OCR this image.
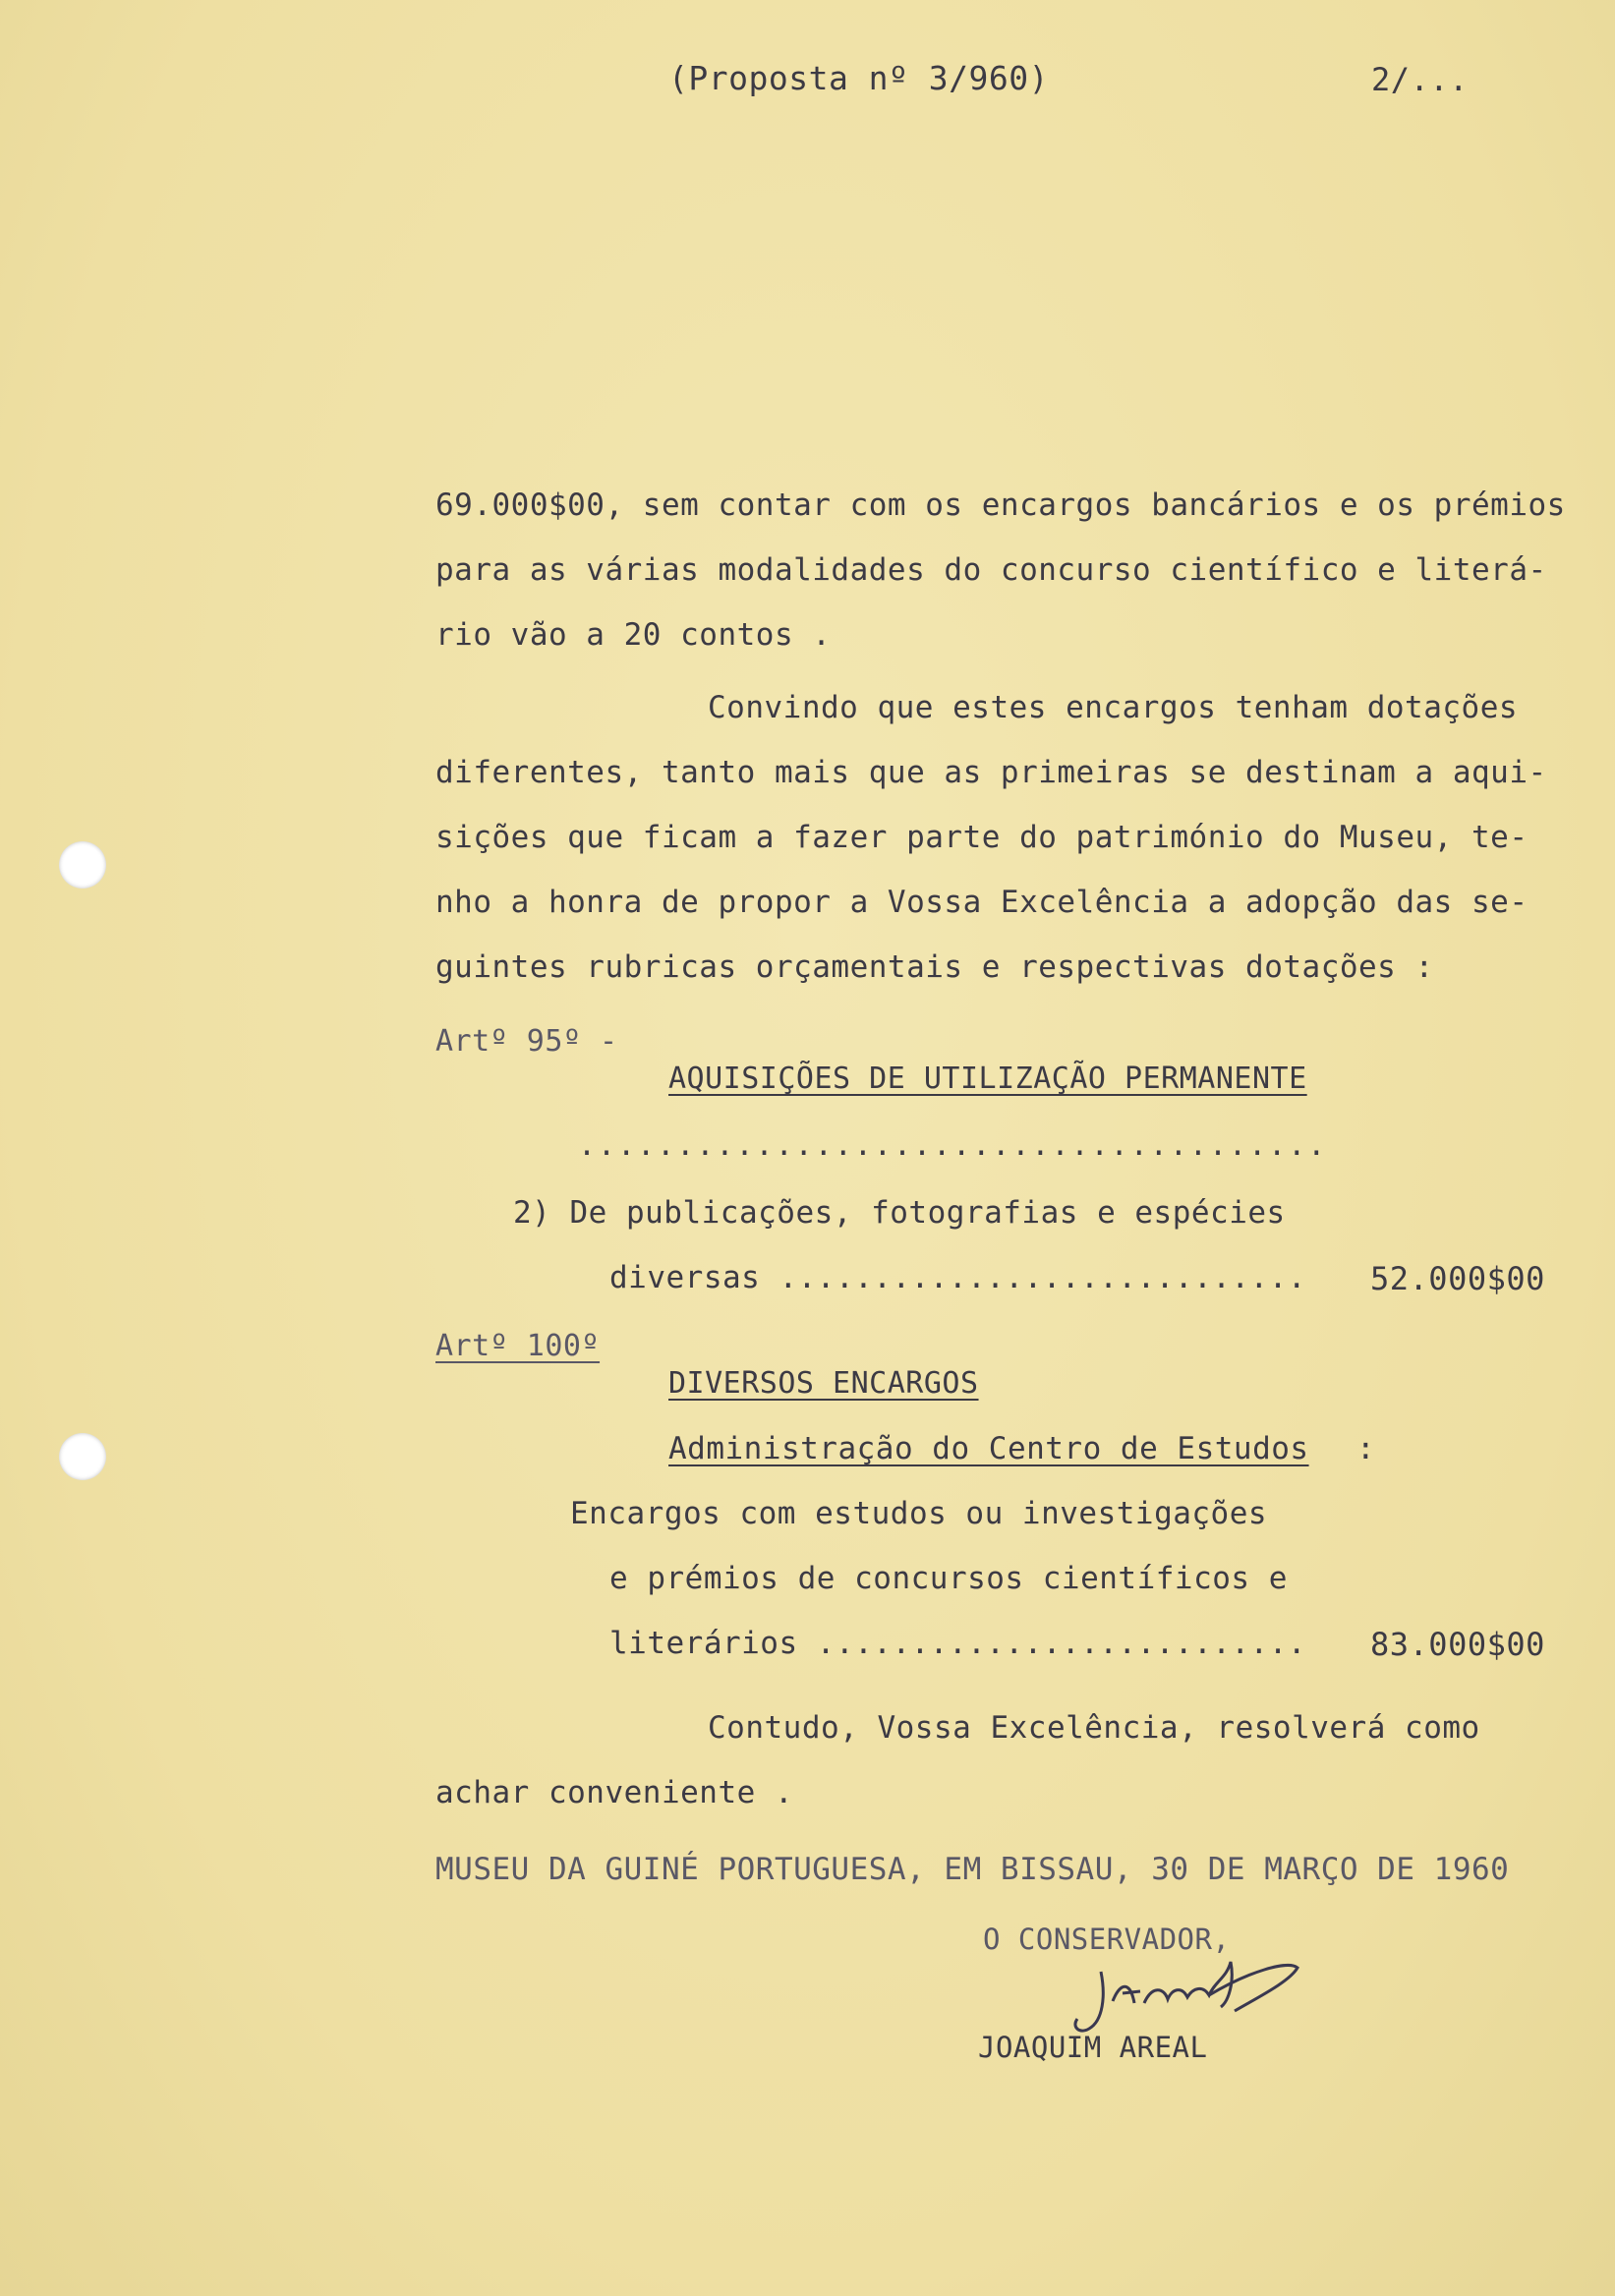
(Proposta nº 3/960)	2/...
69.000$00, sem contar com os encargos bancários e os prémios
para as várias modalidades do concurso científico e literá-
rio vão a 20 contos .
Convindo que estes encargos tenham dotações
diferentes, tanto mais que as primeiras se destinam a aqui-
sições que ficam a fazer parte do património do Museu, te-
nho a honra de propor a Vossa Excelência a adopção das se-
guintes rubricas orçamentais e respectivas dotações :
Artº 95º -
AQUISIÇÕES DE UTILIZAÇÃO PERMANENTE
......................................
2) De publicações, fotografias e espécies
diversas ............................ 52.000$00
Artº 100º
DIVERSOS ENCARGOS
Administração do Centro de Estudos :
Encargos com estudos ou investigações
e prémios de concursos científicos e
literários .......................... 83.000$00
Contudo, Vossa Excelência, resolverá como
achar conveniente .
MUSEU DA GUINÉ PORTUGUESA, EM BISSAU, 30 DE MARÇO DE 1960
O CONSERVADOR,
JOAQUIM AREAL
